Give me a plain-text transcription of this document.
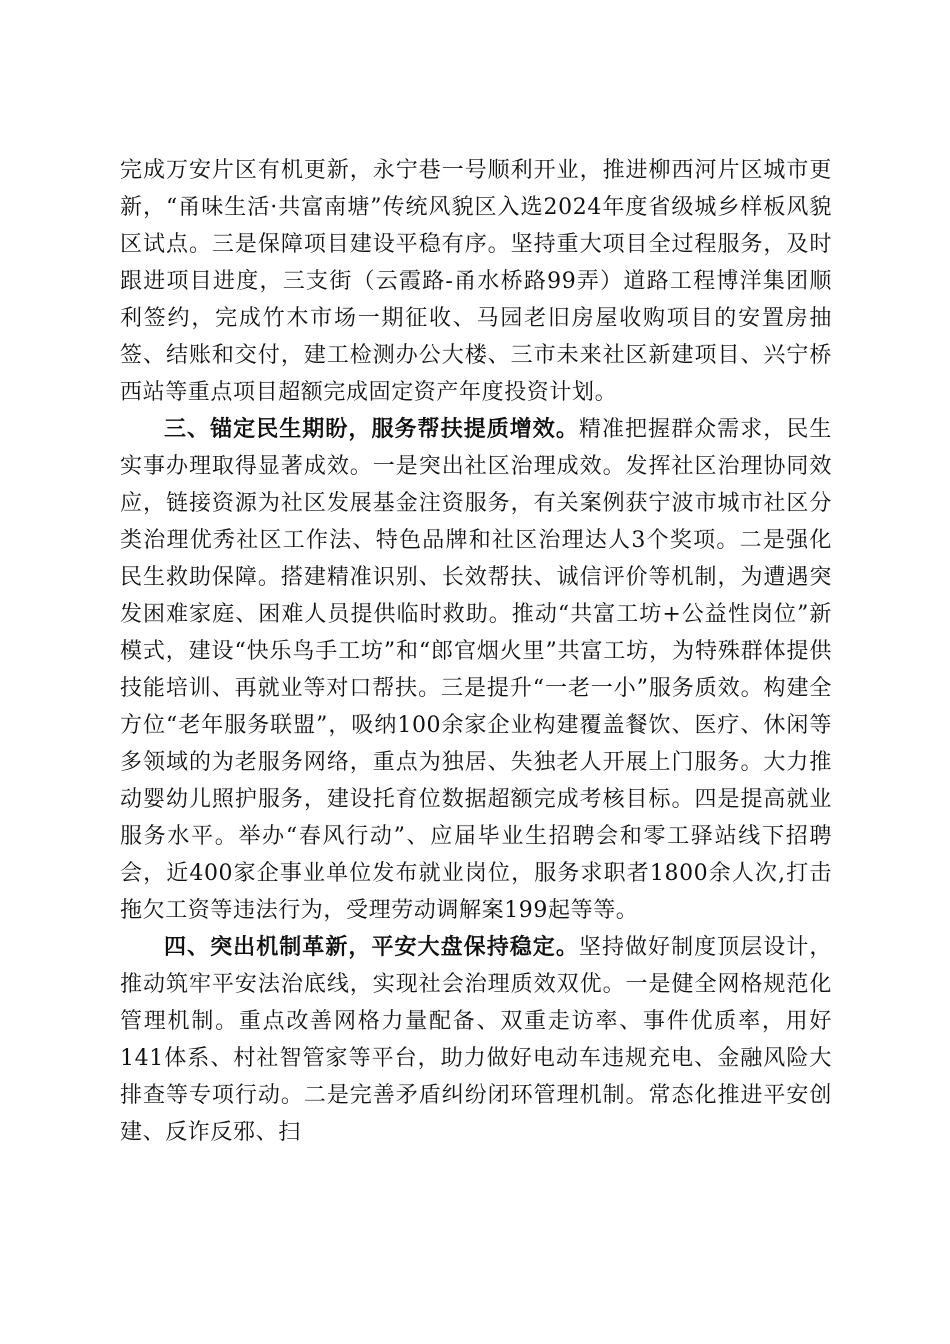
完成万安片区有机更新，永宁巷一号顺利开业，推进柳西河片区城市更新，“甬味生活·共富南塘”传统风貌区入选2024年度省级城乡样板风貌区试点。三是保障项目建设平稳有序。坚持重大项目全过程服务，及时跟进项目进度，三支街（云霞路-甬水桥路99弄）道路工程博洋集团顺利签约，完成竹木市场一期征收、马园老旧房屋收购项目的安置房抽签、结账和交付，建工检测办公大楼、三市未来社区新建项目、兴宁桥西站等重点项目超额完成固定资产年度投资计划。

三、锚定民生期盼，服务帮扶提质增效。精准把握群众需求，民生实事办理取得显著成效。一是突出社区治理成效。发挥社区治理协同效应，链接资源为社区发展基金注资服务，有关案例获宁波市城市社区分类治理优秀社区工作法、特色品牌和社区治理达人3个奖项。二是强化民生救助保障。搭建精准识别、长效帮扶、诚信评价等机制，为遭遇突发困难家庭、困难人员提供临时救助。推动“共富工坊+公益性岗位”新模式，建设“快乐鸟手工坊”和“郎官烟火里”共富工坊，为特殊群体提供技能培训、再就业等对口帮扶。三是提升“一老一小”服务质效。构建全方位“老年服务联盟”，吸纳100余家企业构建覆盖餐饮、医疗、休闲等多领域的为老服务网络，重点为独居、失独老人开展上门服务。大力推动婴幼儿照护服务，建设托育位数据超额完成考核目标。四是提高就业服务水平。举办“春风行动”、应届毕业生招聘会和零工驿站线下招聘会，近400家企事业单位发布就业岗位，服务求职者1800余人次,打击拖欠工资等违法行为，受理劳动调解案199起等等。

四、突出机制革新，平安大盘保持稳定。坚持做好制度顶层设计，推动筑牢平安法治底线，实现社会治理质效双优。一是健全网格规范化管理机制。重点改善网格力量配备、双重走访率、事件优质率，用好141体系、村社智管家等平台，助力做好电动车违规充电、金融风险大排查等专项行动。二是完善矛盾纠纷闭环管理机制。常态化推进平安创建、反诈反邪、扫
